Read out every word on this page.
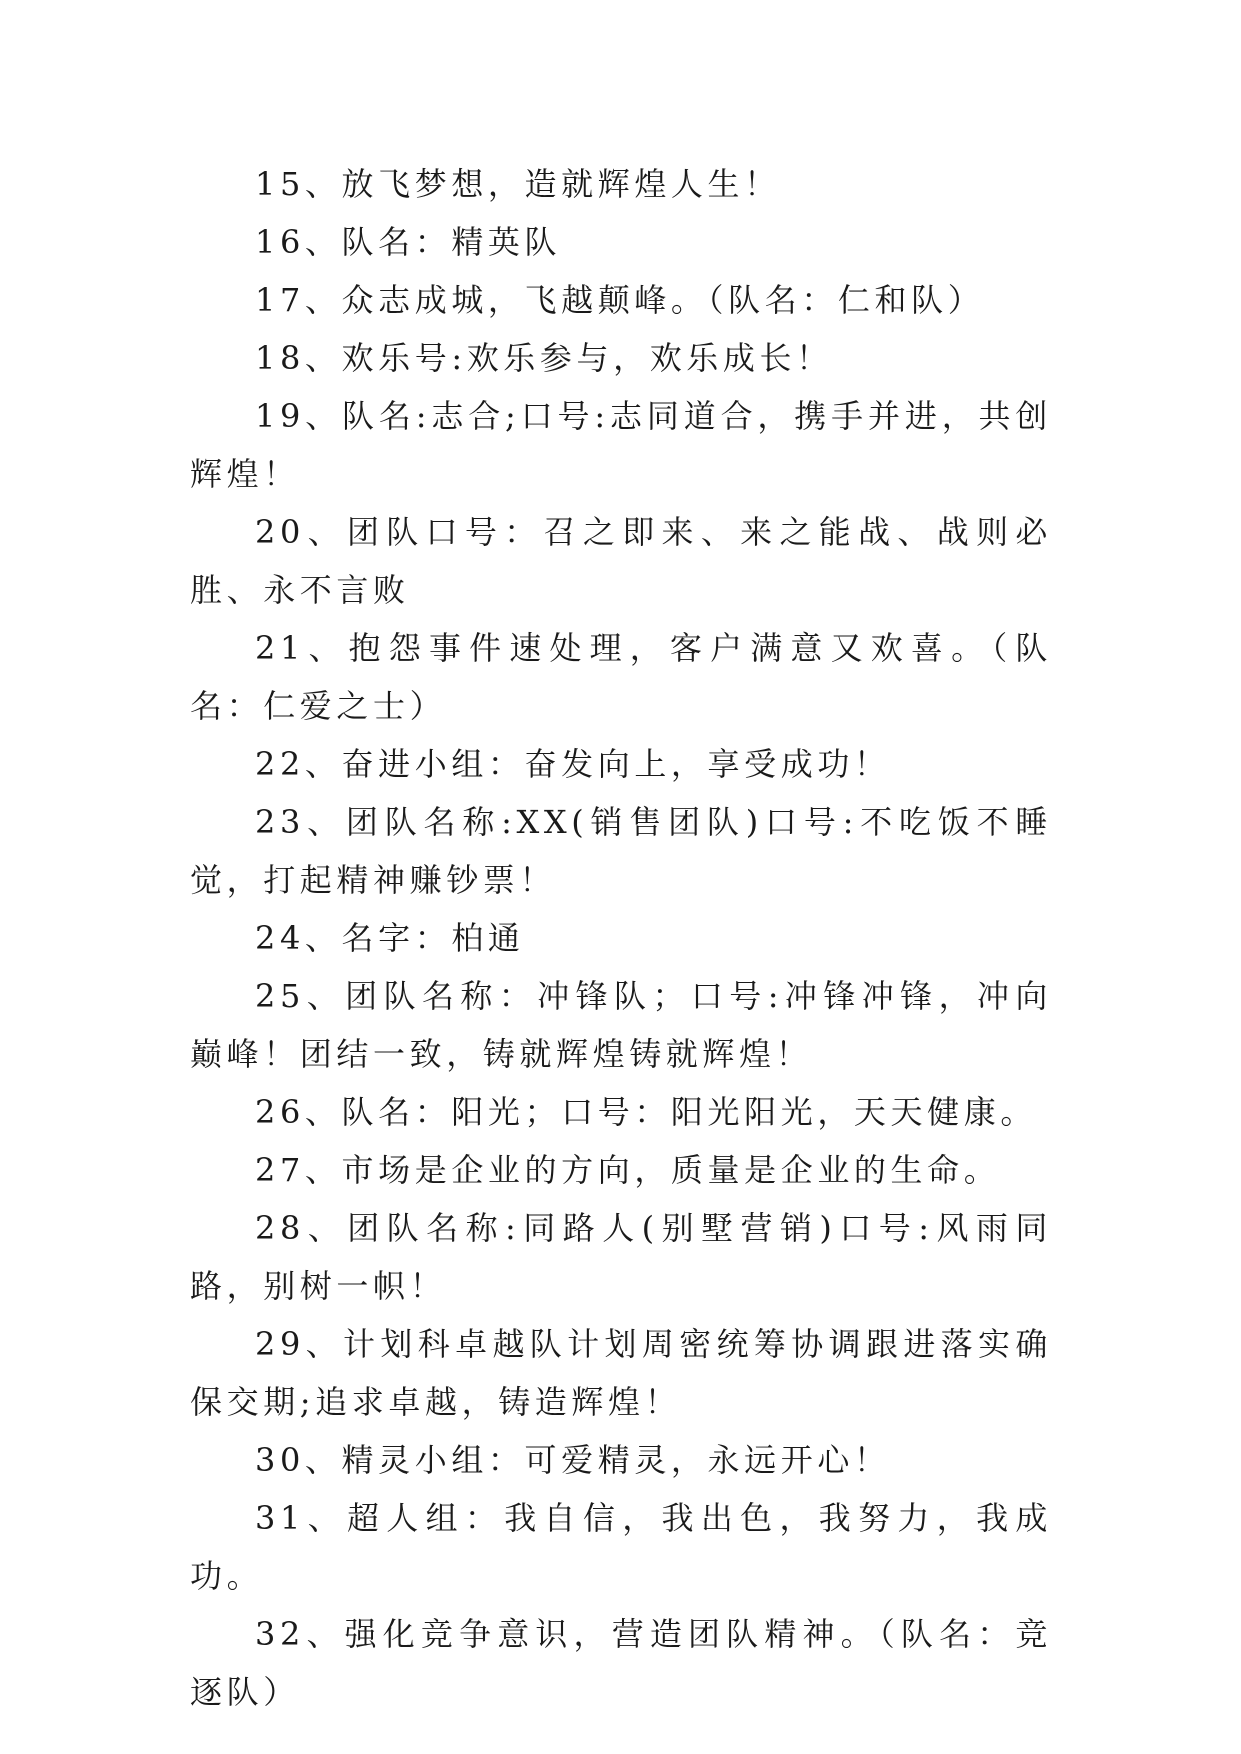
15、放飞梦想，造就辉煌人生！

16、队名：精英队

17、众志成城，飞越颠峰。（队名：仁和队）

18、欢乐号:欢乐参与，欢乐成长！

19、队名:志合;口号:志同道合，携手并进，共创辉煌！

20、团队口号：召之即来、来之能战、战则必胜、永不言败

21、抱怨事件速处理，客户满意又欢喜。（队名：仁爱之士）

22、奋进小组：奋发向上，享受成功！

23、团队名称:XX(销售团队)口号:不吃饭不睡觉，打起精神赚钞票！

24、名字：柏通

25、团队名称：冲锋队；口号:冲锋冲锋，冲向巅峰！团结一致，铸就辉煌铸就辉煌！

26、队名：阳光；口号：阳光阳光，天天健康。

27、市场是企业的方向，质量是企业的生命。

28、团队名称:同路人(别墅营销)口号:风雨同路，别树一帜！

29、计划科卓越队计划周密统筹协调跟进落实确保交期;追求卓越，铸造辉煌！

30、精灵小组：可爱精灵，永远开心！

31、超人组：我自信，我出色，我努力，我成功。

32、强化竞争意识，营造团队精神。（队名：竞逐队）
